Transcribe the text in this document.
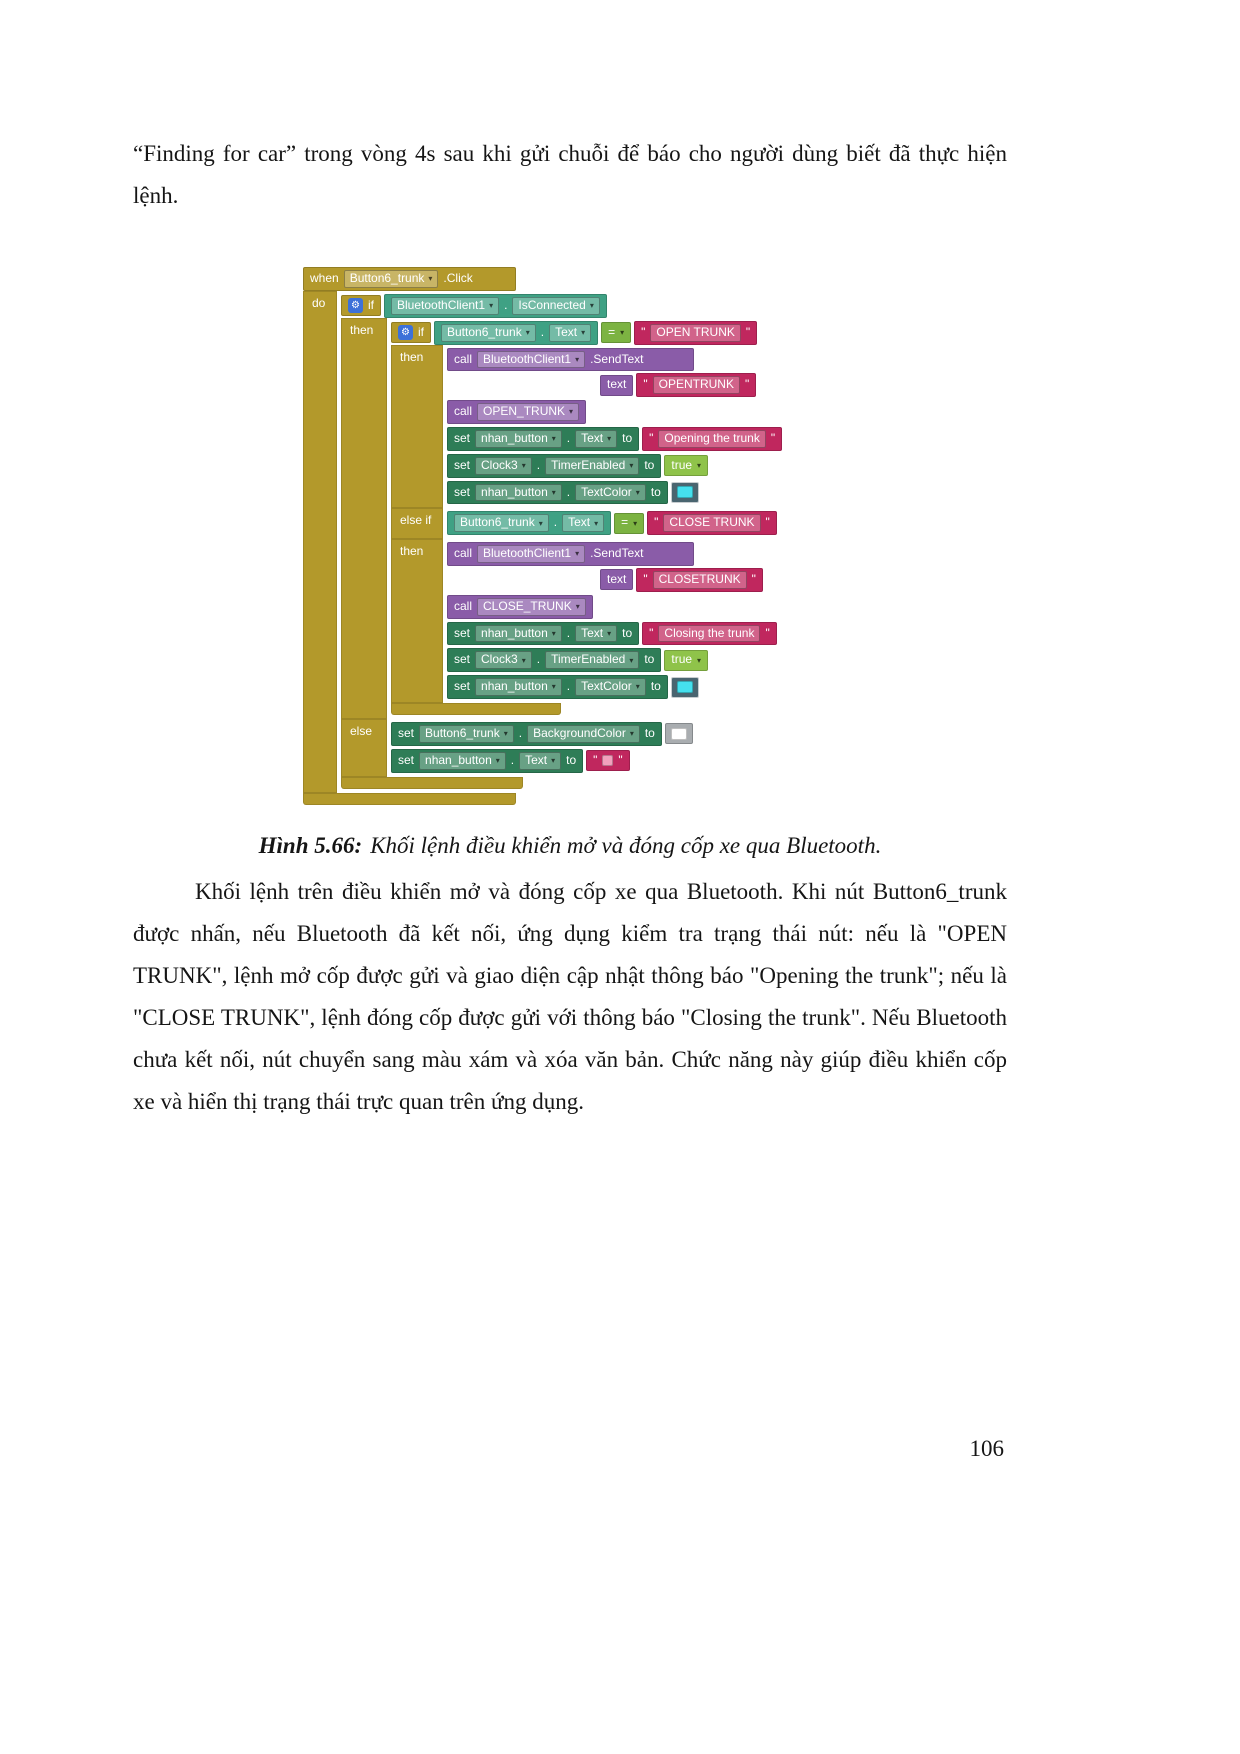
“Finding for car” trong vòng 4s sau khi gửi chuỗi để báo cho người dùng biết đã thực hiện lệnh.

when Button6_trunk ▾ .Click
do	⚙ if BluetoothClient1 ▾ . IsConnected ▾
then	⚙ if Button6_trunk ▾ . Text ▾ = ▾ " OPEN TRUNK "
then	call BluetoothClient1 ▾ .SendText
text	" OPENTRUNK "
call OPEN_TRUNK ▾
set nhan_button ▾ . Text ▾ to " Opening the trunk "
set Clock3 ▾ . TimerEnabled ▾ to true ▾
set nhan_button ▾ . TextColor ▾ to
else if	Button6_trunk ▾ . Text ▾ = ▾ " CLOSE TRUNK "
then	call BluetoothClient1 ▾ .SendText
text	" CLOSETRUNK "
call CLOSE_TRUNK ▾
set nhan_button ▾ . Text ▾ to " Closing the trunk "
set Clock3 ▾ . TimerEnabled ▾ to true ▾
set nhan_button ▾ . TextColor ▾ to
else	set Button6_trunk ▾ . BackgroundColor ▾ to
set nhan_button ▾ . Text ▾ to " "

Hình 5.66: Khối lệnh điều khiển mở và đóng cốp xe qua Bluetooth.

Khối lệnh trên điều khiển mở và đóng cốp xe qua Bluetooth. Khi nút Button6_trunk được nhấn, nếu Bluetooth đã kết nối, ứng dụng kiểm tra trạng thái nút: nếu là "OPEN TRUNK", lệnh mở cốp được gửi và giao diện cập nhật thông báo "Opening the trunk"; nếu là "CLOSE TRUNK", lệnh đóng cốp được gửi với thông báo "Closing the trunk". Nếu Bluetooth chưa kết nối, nút chuyển sang màu xám và xóa văn bản. Chức năng này giúp điều khiển cốp xe và hiển thị trạng thái trực quan trên ứng dụng.

106
